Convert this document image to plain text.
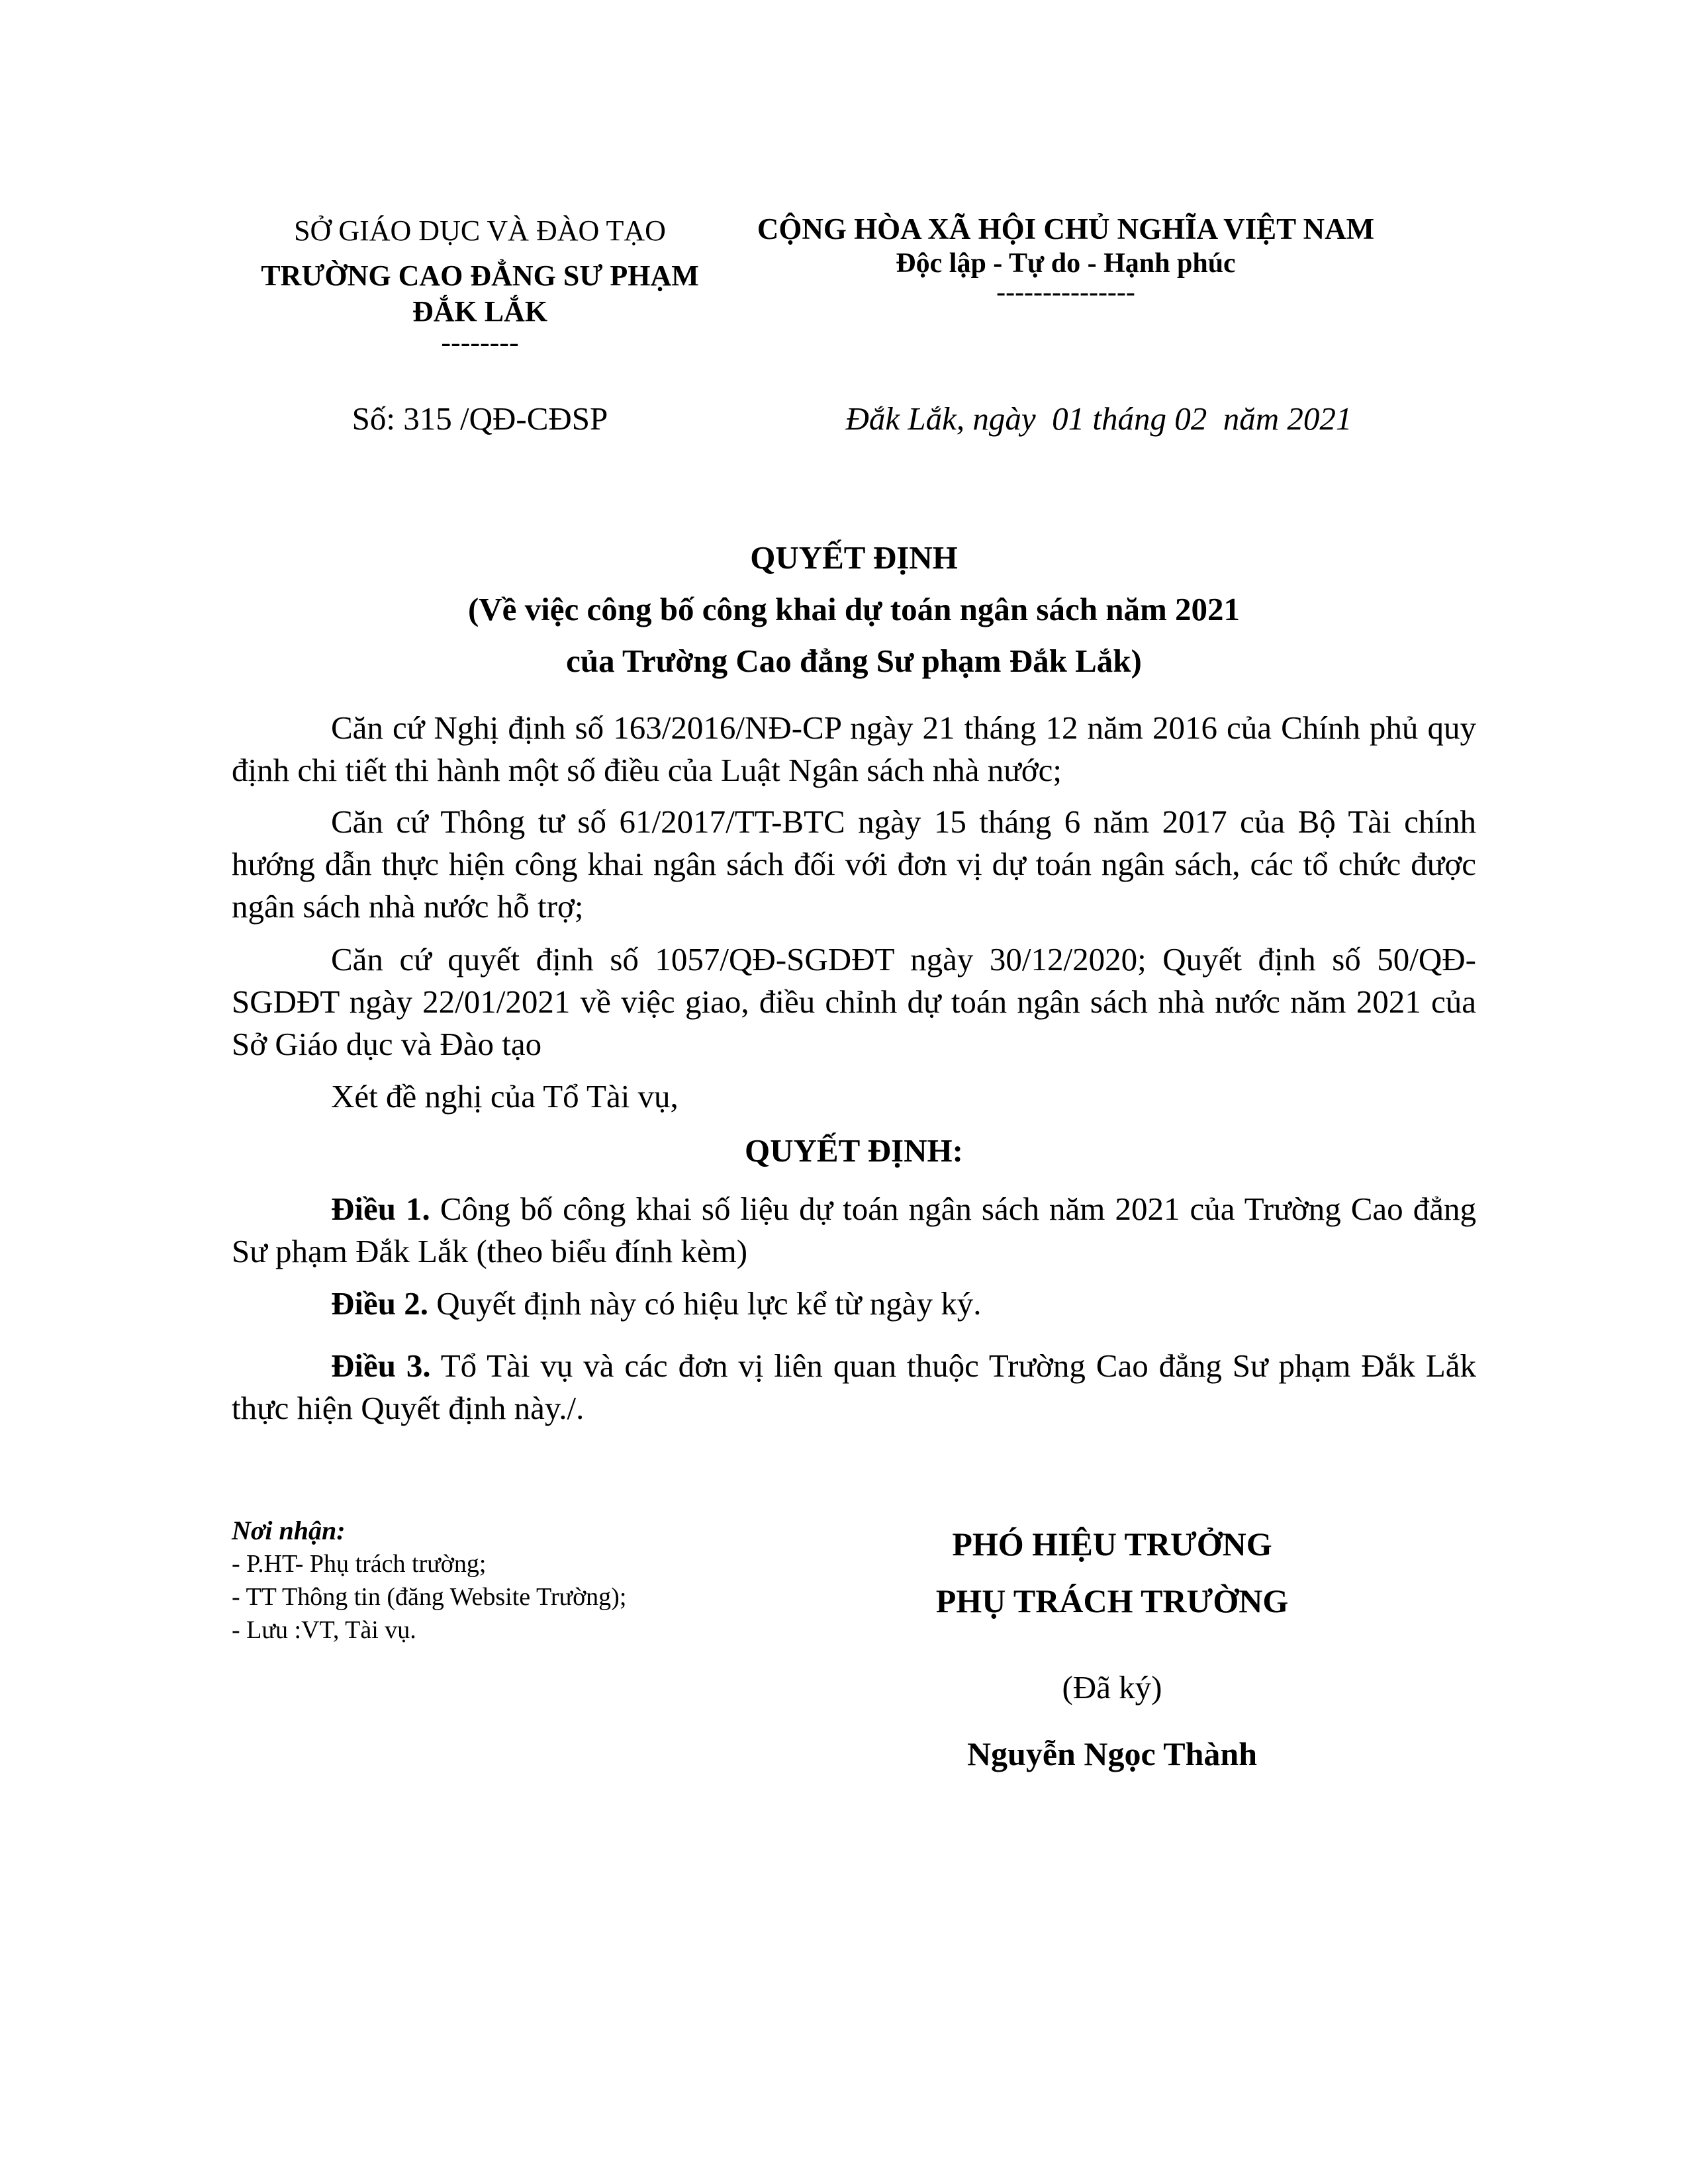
SỞ GIÁO DỤC VÀ ĐÀO TẠO
TRƯỜNG CAO ĐẲNG SƯ PHẠM
ĐẮK LẮK
--------
CỘNG HÒA XÃ HỘI CHỦ NGHĨA VIỆT NAM
Độc lập - Tự do - Hạnh phúc
---------------
Số: 315 /QĐ-CĐSP	Đắk Lắk, ngày  01 tháng 02  năm 2021
QUYẾT ĐỊNH
(Về việc công bố công khai dự toán ngân sách năm 2021
của Trường Cao đẳng Sư phạm Đắk Lắk)
Căn cứ Nghị định số 163/2016/NĐ-CP ngày 21 tháng 12 năm 2016 của Chính phủ quy định chi tiết thi hành một số điều của Luật Ngân sách nhà nước;
Căn cứ Thông tư số 61/2017/TT-BTC ngày 15 tháng 6 năm 2017 của Bộ Tài chính hướng dẫn thực hiện công khai ngân sách đối với đơn vị dự toán ngân sách, các tổ chức được ngân sách nhà nước hỗ trợ;
Căn cứ quyết định số 1057/QĐ-SGDĐT ngày 30/12/2020; Quyết định số 50/QĐ-SGDĐT ngày 22/01/2021 về việc giao, điều chỉnh dự toán ngân sách nhà nước năm 2021 của Sở Giáo dục và Đào tạo
Xét đề nghị của Tổ Tài vụ,
QUYẾT ĐỊNH:
Điều 1. Công bố công khai số liệu dự toán ngân sách năm 2021 của Trường Cao đẳng Sư phạm Đắk Lắk (theo biểu đính kèm)
Điều 2. Quyết định này có hiệu lực kể từ ngày ký.
Điều 3. Tổ Tài vụ và các đơn vị liên quan thuộc Trường Cao đẳng Sư phạm Đắk Lắk thực hiện Quyết định này./.
Nơi nhận:
- P.HT- Phụ trách trường;
- TT Thông tin (đăng Website Trường);
- Lưu :VT, Tài vụ.
PHÓ HIỆU TRƯỞNG
PHỤ TRÁCH TRƯỜNG
(Đã ký)
Nguyễn Ngọc Thành
